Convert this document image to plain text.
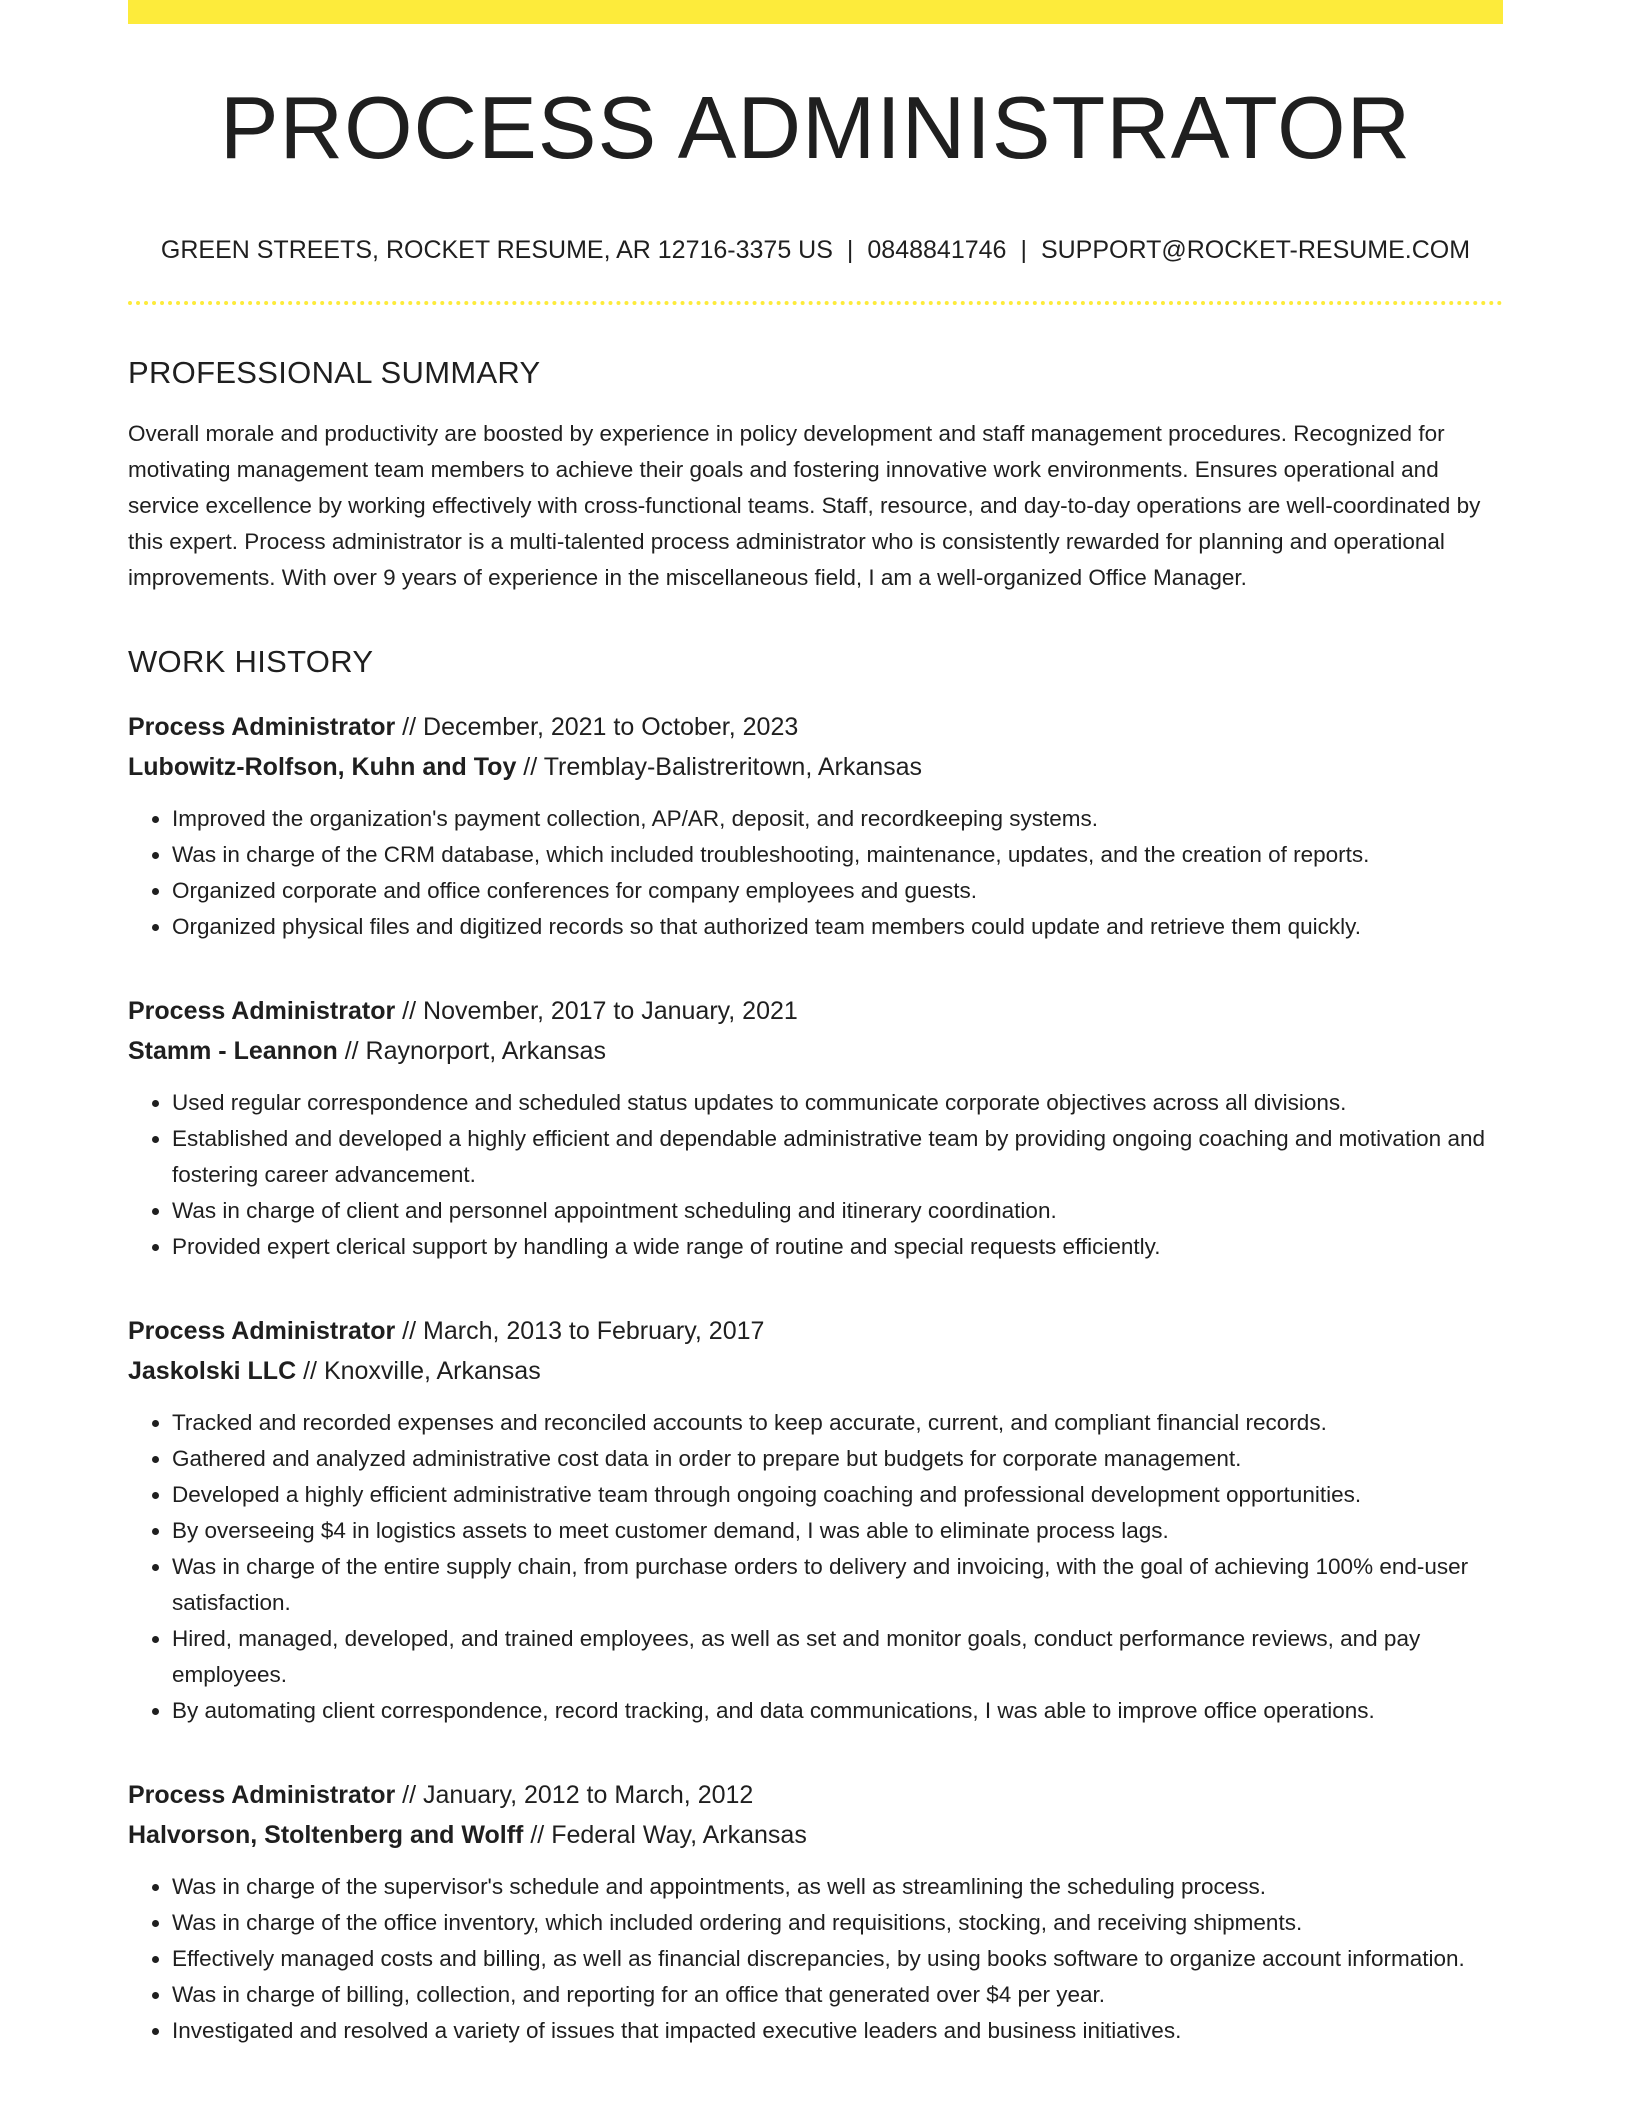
PROCESS ADMINISTRATOR
GREEN STREETS, ROCKET RESUME, AR 12716-3375 US | 0848841746 | SUPPORT@ROCKET-RESUME.COM
PROFESSIONAL SUMMARY

Overall morale and productivity are boosted by experience in policy development and staff management procedures. Recognized for motivating management team members to achieve their goals and fostering innovative work environments. Ensures operational and service excellence by working effectively with cross-functional teams. Staff, resource, and day-to-day operations are well-coordinated by this expert. Process administrator is a multi-talented process administrator who is consistently rewarded for planning and operational improvements. With over 9 years of experience in the miscellaneous field, I am a well-organized Office Manager.

WORK HISTORY
Process Administrator // December, 2021 to October, 2023
Lubowitz-Rolfson, Kuhn and Toy // Tremblay-Balistreritown, Arkansas
• Improved the organization's payment collection, AP/AR, deposit, and recordkeeping systems.
• Was in charge of the CRM database, which included troubleshooting, maintenance, updates, and the creation of reports.
• Organized corporate and office conferences for company employees and guests.
• Organized physical files and digitized records so that authorized team members could update and retrieve them quickly.
Process Administrator // November, 2017 to January, 2021
Stamm - Leannon // Raynorport, Arkansas
• Used regular correspondence and scheduled status updates to communicate corporate objectives across all divisions.
• Established and developed a highly efficient and dependable administrative team by providing ongoing coaching and motivation and fostering career advancement.
• Was in charge of client and personnel appointment scheduling and itinerary coordination.
• Provided expert clerical support by handling a wide range of routine and special requests efficiently.
Process Administrator // March, 2013 to February, 2017
Jaskolski LLC // Knoxville, Arkansas
• Tracked and recorded expenses and reconciled accounts to keep accurate, current, and compliant financial records.
• Gathered and analyzed administrative cost data in order to prepare but budgets for corporate management.
• Developed a highly efficient administrative team through ongoing coaching and professional development opportunities.
• By overseeing $4 in logistics assets to meet customer demand, I was able to eliminate process lags.
• Was in charge of the entire supply chain, from purchase orders to delivery and invoicing, with the goal of achieving 100% end-user satisfaction.
• Hired, managed, developed, and trained employees, as well as set and monitor goals, conduct performance reviews, and pay employees.
• By automating client correspondence, record tracking, and data communications, I was able to improve office operations.
Process Administrator // January, 2012 to March, 2012
Halvorson, Stoltenberg and Wolff // Federal Way, Arkansas
• Was in charge of the supervisor's schedule and appointments, as well as streamlining the scheduling process.
• Was in charge of the office inventory, which included ordering and requisitions, stocking, and receiving shipments.
• Effectively managed costs and billing, as well as financial discrepancies, by using books software to organize account information.
• Was in charge of billing, collection, and reporting for an office that generated over $4 per year.
• Investigated and resolved a variety of issues that impacted executive leaders and business initiatives.
